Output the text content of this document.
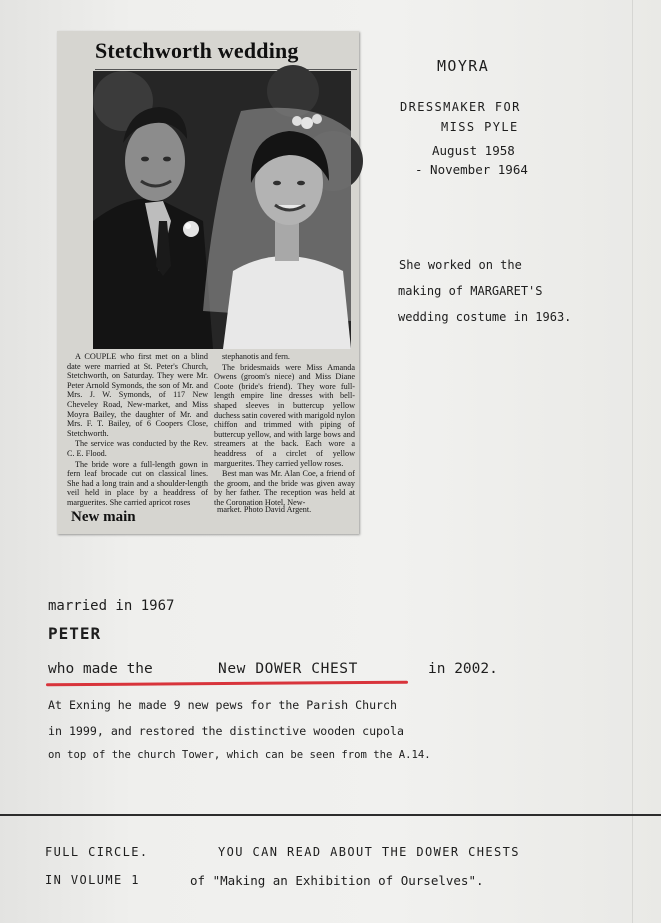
Stetchworth wedding

A COUPLE who first met on a blind date were married at St. Peter's Church, Stetchworth, on Saturday. They were Mr. Peter Arnold Symonds, the son of Mr. and Mrs. J. W. Symonds, of 117 New Cheveley Road, New-market, and Miss Moyra Bailey, the daughter of Mr. and Mrs. F. T. Bailey, of 6 Coopers Close, Stetchworth.

The service was conducted by the Rev. C. E. Flood.

The bride wore a full-length gown in fern leaf brocade cut on classical lines. She had a long train and a shoulder-length veil held in place by a headdress of marguerites. She carried apricot roses

stephanotis and fern.

The bridesmaids were Miss Amanda Owens (groom's niece) and Miss Diane Coote (bride's friend). They wore full-length empire line dresses with bell-shaped sleeves in buttercup yellow duchess satin covered with marigold nylon chiffon and trimmed with piping of buttercup yellow, and with large bows and streamers at the back. Each wore a headdress of a circlet of yellow marguerites. They carried yellow roses.

Best man was Mr. Alan Coe, a friend of the groom, and the bride was given away by her father. The reception was held at the Coronation Hotel, New-

New main	market. Photo David Argent.
MOYRA
DRESSMAKER FOR
MISS PYLE
August 1958
- November 1964
She worked on the
making of MARGARET'S
wedding costume in 1963.
married in 1967
PETER
who made the	New DOWER CHEST	in 2002.
At Exning he made 9 new pews for the Parish Church
in 1999, and restored the distinctive wooden cupola
on top of the church Tower, which can be seen from the A.14.
FULL CIRCLE.	YOU CAN READ ABOUT THE DOWER CHESTS
IN VOLUME 1	of "Making an Exhibition of Ourselves".
